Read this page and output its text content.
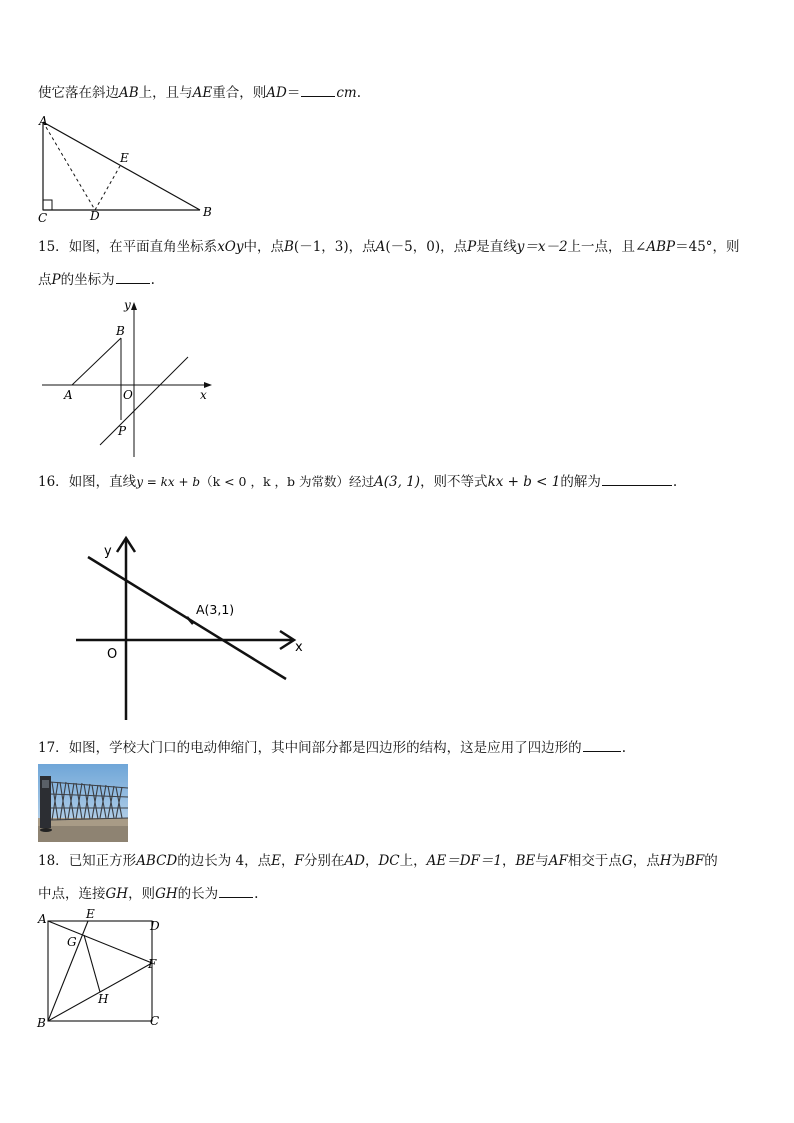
使它落在斜边AB上，且与AE重合，则AD＝	cm.
A
E
C	D	B
15．如图，在平面直角坐标系xOy中，点B(－1，3)，点A(－5，0)，点P是直线y＝x－2上一点，且∠ABP＝45°，则
点P的坐标为	.
y
B
A	O	x
P
16．如图，直线y = kx + b（k < 0 ，k ，b 为常数）经过A(3, 1)，则不等式kx + b < 1的解为	.
y
x
O
A(3,1)
17．如图，学校大门口的电动伸缩门，其中间部分都是四边形的结构，这是应用了四边形的	.
18．已知正方形ABCD的边长为 4，点E，F分别在AD，DC上，AE＝DF＝1，BE与AF相交于点G，点H为BF的
中点，连接GH，则GH的长为	.
A	E
D
G
F
H
B	C
